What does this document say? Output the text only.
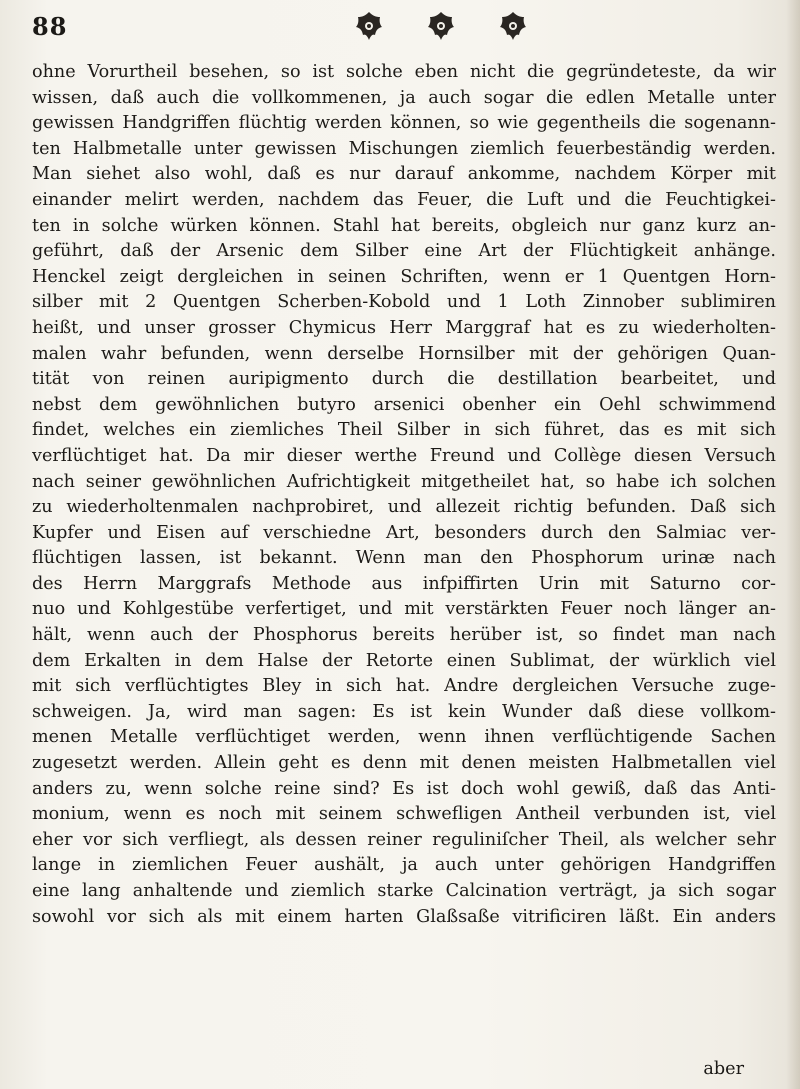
88
ohne Vorurtheil besehen, so ist solche eben nicht die gegründeteste, da wir
wissen, daß auch die vollkommenen, ja auch sogar die edlen Metalle unter
gewissen Handgriffen flüchtig werden können, so wie gegentheils die sogenann-
ten Halbmetalle unter gewissen Mischungen ziemlich feuerbeständig werden.
Man siehet also wohl, daß es nur darauf ankomme, nachdem Körper mit
einander melirt werden, nachdem das Feuer, die Luft und die Feuchtigkei-
ten in solche würken können. Stahl hat bereits, obgleich nur ganz kurz an-
geführt, daß der Arsenic dem Silber eine Art der Flüchtigkeit anhänge.
Henckel zeigt dergleichen in seinen Schriften, wenn er 1 Quentgen Horn-
silber mit 2 Quentgen Scherben-Kobold und 1 Loth Zinnober sublimiren
heißt, und unser grosser Chymicus Herr Marggraf hat es zu wiederholten-
malen wahr befunden, wenn derselbe Hornsilber mit der gehörigen Quan-
tität von reinen auripigmento durch die destillation bearbeitet, und
nebst dem gewöhnlichen butyro arsenici obenher ein Oehl schwimmend
findet, welches ein ziemliches Theil Silber in sich führet, das es mit sich
verflüchtiget hat. Da mir dieser werthe Freund und Collège diesen Versuch
nach seiner gewöhnlichen Aufrichtigkeit mitgetheilet hat, so habe ich solchen
zu wiederholtenmalen nachprobiret, und allezeit richtig befunden. Daß sich
Kupfer und Eisen auf verschiedne Art, besonders durch den Salmiac ver-
flüchtigen lassen, ist bekannt. Wenn man den Phosphorum urinæ nach
des Herrn Marggrafs Methode aus infpiffirten Urin mit Saturno cor-
nuo und Kohlgestübe verfertiget, und mit verstärkten Feuer noch länger an-
hält, wenn auch der Phosphorus bereits herüber ist, so findet man nach
dem Erkalten in dem Halse der Retorte einen Sublimat, der würklich viel
mit sich verflüchtigtes Bley in sich hat. Andre dergleichen Versuche zuge-
schweigen. Ja, wird man sagen: Es ist kein Wunder daß diese vollkom-
menen Metalle verflüchtiget werden, wenn ihnen verflüchtigende Sachen
zugesetzt werden. Allein geht es denn mit denen meisten Halbmetallen viel
anders zu, wenn solche reine sind? Es ist doch wohl gewiß, daß das Anti-
monium, wenn es noch mit seinem schwefligen Antheil verbunden ist, viel
eher vor sich verfliegt, als dessen reiner reguliniſcher Theil, als welcher sehr
lange in ziemlichen Feuer aushält, ja auch unter gehörigen Handgriffen
eine lang anhaltende und ziemlich starke Calcination verträgt, ja sich sogar
sowohl vor sich als mit einem harten Glaßsaße vitrificiren läßt. Ein anders
aber
